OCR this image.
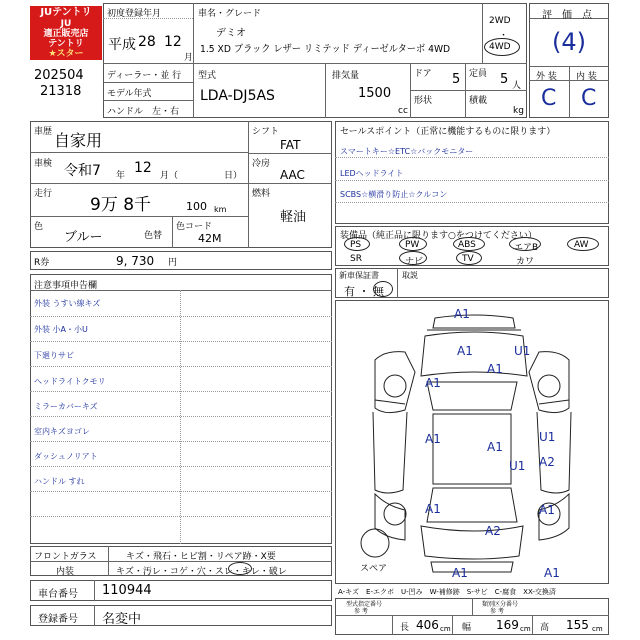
JUテントリ
JU
適正販売店
テントリ
★スター
202504
21318
初度登録年月
平成 28 12
月
車名・グレード
デミオ
1.5 XD ブラック レザー リミテッド ディーゼルターボ 4WD
2WD
・
4WD
ディーラー・並 行
モデル年式
ハンドル　左・右
型式
LDA-DJ5AS
排気量
1500
cc
ドア 5 定員 5 人
形状	積載
kg
評　価　点
(4)
外 装 内 装
C C
車歴 自家用
車検 令和7 年 12 月（	日）
走行
9万 8千	100 km
色
ブルー	色替
色コード
42M
シフト
FAT
冷房
AAC
燃料
軽油
R券	9, 730 円
セールスポイント（正常に機能するものに限ります）
スマートキー☆ETC☆バックモニター
LEDヘッドライト
SCBS☆横滑り防止☆クルコン
装備品（純正品に限ります○をつけてください）
PS	PW	ABS	エアB	AW
SR	ナビ	TV	カワ
新車保証書
有 ・ 無
取説
注意事項申告欄
外装 うすい線キズ
外装 小A・小U
下廻りサビ
ヘッドライトクモリ
ミラーカバーキズ
室内キズヨゴレ
ダッシュノリアト
ハンドル すれ
A1
A1	U1
A1
A1
A1
U1
A1
U1 A2
A1	A1
A2
A1	A1
スペア
フロントガラス	キズ・飛石・ヒビ割・リペア跡・X要
内装	キズ・汚レ・コゲ・穴・スレ・キレ・破レ
車台番号 110944
登録番号 名変中
A-キズ　E-エクボ　U-凹み　W-補修跡　S-サビ　C-腐食　XX-交換済
型式指定番号
参 考
類別区分番号
参 考
長 406 cm 幅 169 cm 高 155 cm
